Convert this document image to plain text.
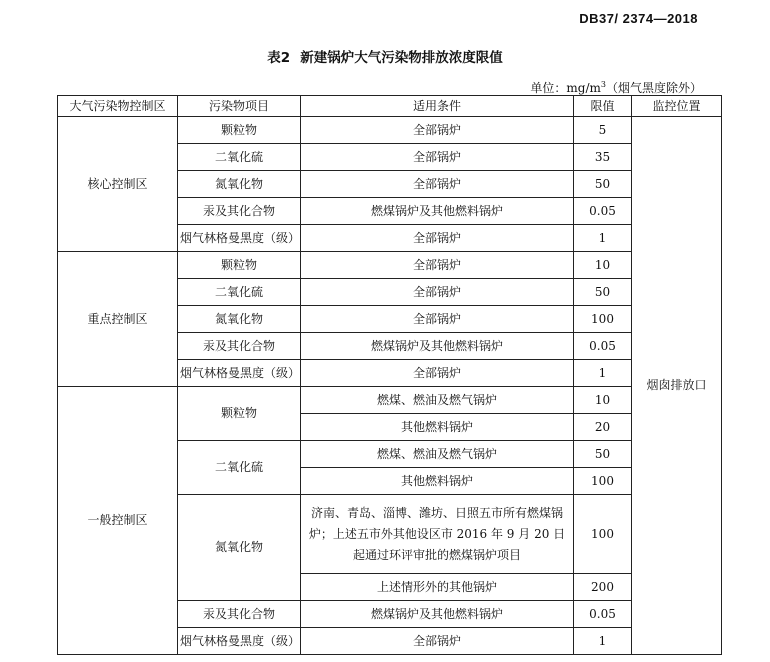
DB37/ 2374—2018
表2 新建锅炉大气污染物排放浓度限值
单位：$mg/m^3$（烟气黑度除外）
大气污染物控制区	污染物项目	适用条件	限值	监控位置
核心控制区	颗粒物	全部锅炉	5	烟囱排放口
	二氧化硫	全部锅炉	35	
	氮氧化物	全部锅炉	50	
	汞及其化合物	燃煤锅炉及其他燃料锅炉	0.05	
	烟气林格曼黑度（级）	全部锅炉	1	
重点控制区	颗粒物	全部锅炉	10	
	二氧化硫	全部锅炉	50	
	氮氧化物	全部锅炉	100	
	汞及其化合物	燃煤锅炉及其他燃料锅炉	0.05	
	烟气林格曼黑度（级）	全部锅炉	1	
一般控制区	颗粒物	燃煤、燃油及燃气锅炉	10	
		其他燃料锅炉	20	
	二氧化硫	燃煤、燃油及燃气锅炉	50	
		其他燃料锅炉	100	
	氮氧化物	济南、青岛、淄博、潍坊、日照五市所有燃煤锅炉；上述五市外其他设区市 2016 年 9 月 20 日起通过环评审批的燃煤锅炉项目	100	
		上述情形外的其他锅炉	200	
	汞及其化合物	燃煤锅炉及其他燃料锅炉	0.05	
	烟气林格曼黑度（级）	全部锅炉	1	
